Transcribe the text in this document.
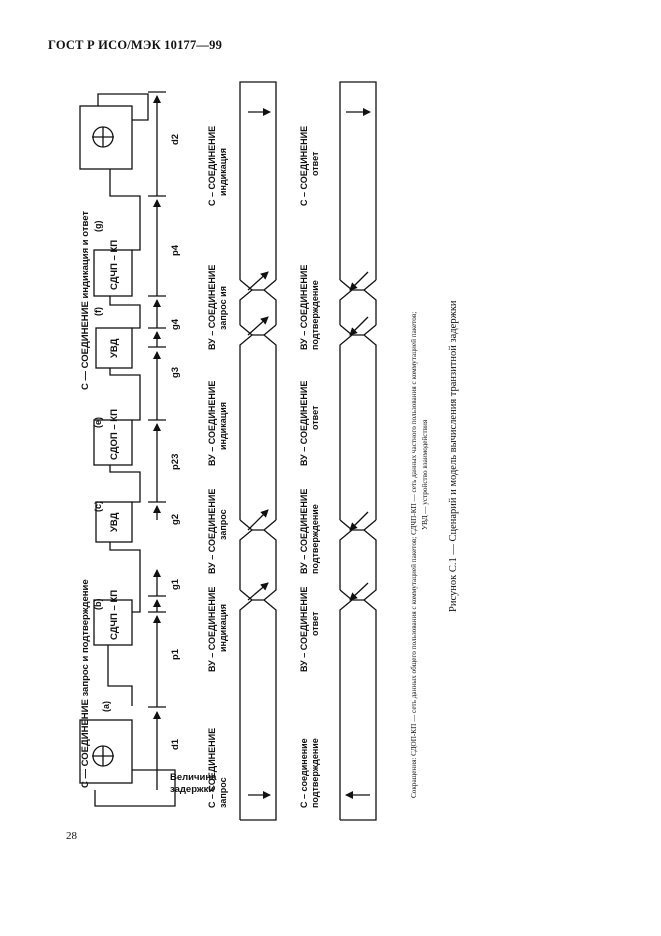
ГОСТ Р ИСО/МЭК 10177—99
28
СДЧП – КП
УВД
СДОП – КП
УВД
СДЧП – КП
(a)
(b)
(c)
(e)
(f)
(g)
С — СОЕДИНЕНИЕ запрос и подтверждение
С — СОЕДИНЕНИЕ индикация и ответ
d1
p1
g1
g2
p23
g3
g4
p4
d2
Величина
задержки
С – СОЕДИНЕНИЕ запрос
ВУ – СОЕДИНЕНИЕ индикация
ВУ – СОЕДИНЕНИЕ запрос
ВУ – СОЕДИНЕНИЕ индикация
ВУ – СОЕДИНЕНИЕ запрос ия
С – СОЕДИНЕНИЕ индикация
С – соединение подтверждение
ВУ – СОЕДИНЕНИЕ ответ
ВУ – СОЕДИНЕНИЕ подтверждение
ВУ – СОЕДИНЕНИЕ ответ
ВУ – СОЕДИНЕНИЕ подтверждение
С – СОЕДИНЕНИЕ ответ
Сокращения: СДОП-КП — сеть данных общего пользования с коммутацией пакетов; СДЧП-КП — сеть данных частного пользования с коммутацией пакетов; УВД — устройство взаимодействия Рисунок С.1 — Сценарий и модель вычисления транзитной задержки
